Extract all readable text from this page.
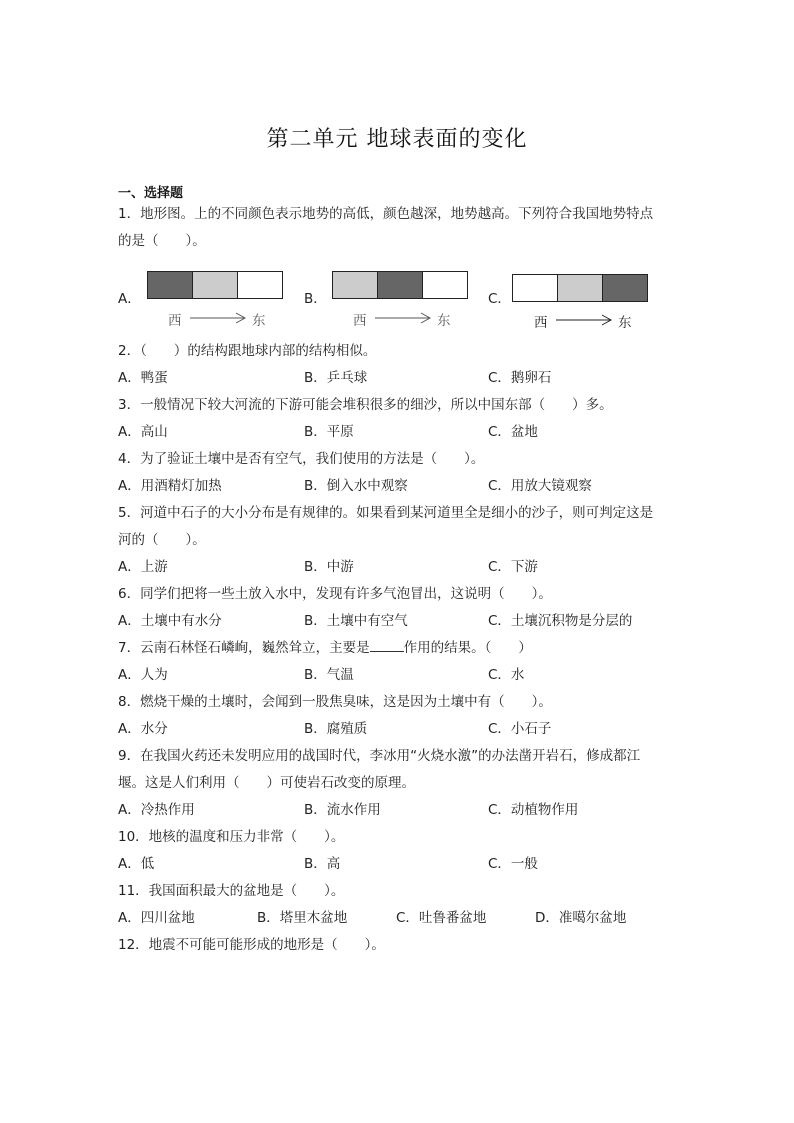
第二单元 地球表面的变化
一、选择题
1．地形图。上的不同颜色表示地势的高低，颜色越深，地势越高。下列符合我国地势特点
的是（　　）。
A．
西	东
B．
西	东
C．
西	东
2．（　　）的结构跟地球内部的结构相似。
A．鸭蛋	B．乒乓球	C．鹅卵石
3．一般情况下较大河流的下游可能会堆积很多的细沙，所以中国东部（　　）多。
A．高山	B．平原	C．盆地
4．为了验证土壤中是否有空气，我们使用的方法是（　　）。
A．用酒精灯加热	B．倒入水中观察	C．用放大镜观察
5．河道中石子的大小分布是有规律的。如果看到某河道里全是细小的沙子，则可判定这是
河的（　　）。
A．上游	B．中游	C．下游
6．同学们把将一些土放入水中，发现有许多气泡冒出，这说明（　　）。
A．土壤中有水分	B．土壤中有空气	C．土壤沉积物是分层的
7．云南石林怪石嶙峋，巍然耸立，主要是	作用的结果。（　　）
A．人为	B．气温	C．水
8．燃烧干燥的土壤时，会闻到一股焦臭味，这是因为土壤中有（　　）。
A．水分	B．腐殖质	C．小石子
9．在我国火药还未发明应用的战国时代，李冰用“火烧水激”的办法凿开岩石，修成都江
堰。这是人们利用（　　）可使岩石改变的原理。
A．冷热作用	B．流水作用	C．动植物作用
10．地核的温度和压力非常（　　）。
A．低	B．高	C．一般
11．我国面积最大的盆地是（　　）。
A．四川盆地	B．塔里木盆地	C．吐鲁番盆地	D．准噶尔盆地
12．地震不可能可能形成的地形是（　　）。
